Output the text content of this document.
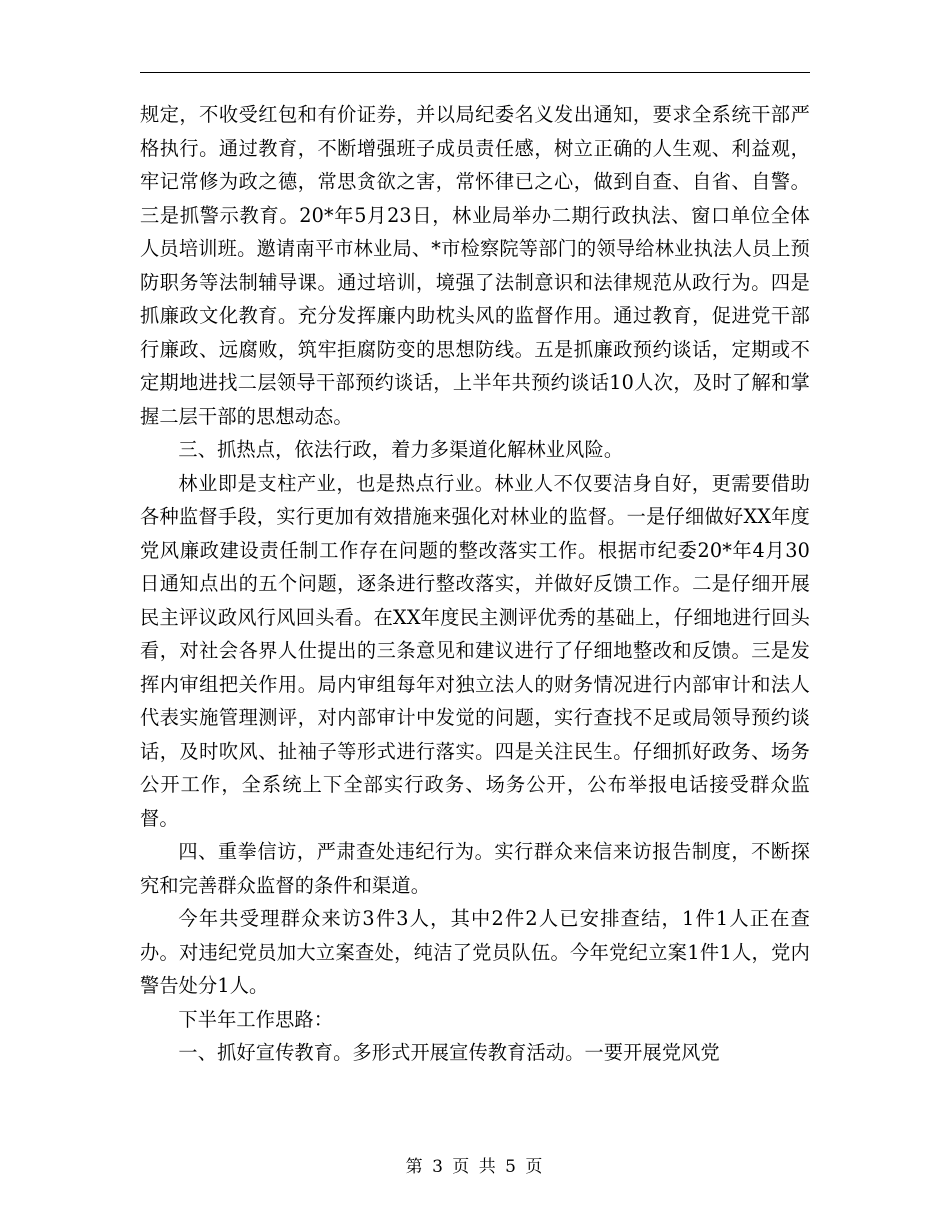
规定，不收受红包和有价证券，并以局纪委名义发出通知，要求全系统干部严格执行。通过教育，不断增强班子成员责任感，树立正确的人生观、利益观，牢记常修为政之德，常思贪欲之害，常怀律已之心，做到自查、自省、自警。三是抓警示教育。20*年5月23日，林业局举办二期行政执法、窗口单位全体人员培训班。邀请南平市林业局、*市检察院等部门的领导给林业执法人员上预防职务等法制辅导课。通过培训，境强了法制意识和法律规范从政行为。四是抓廉政文化教育。充分发挥廉内助枕头风的监督作用。通过教育，促进党干部行廉政、远腐败，筑牢拒腐防变的思想防线。五是抓廉政预约谈话，定期或不定期地进找二层领导干部预约谈话，上半年共预约谈话10人次，及时了解和掌握二层干部的思想动态。

三、抓热点，依法行政，着力多渠道化解林业风险。

林业即是支柱产业，也是热点行业。林业人不仅要洁身自好，更需要借助各种监督手段，实行更加有效措施来强化对林业的监督。一是仔细做好XX年度党风廉政建设责任制工作存在问题的整改落实工作。根据市纪委20*年4月30日通知点出的五个问题，逐条进行整改落实，并做好反馈工作。二是仔细开展民主评议政风行风回头看。在XX年度民主测评优秀的基础上，仔细地进行回头看，对社会各界人仕提出的三条意见和建议进行了仔细地整改和反馈。三是发挥内审组把关作用。局内审组每年对独立法人的财务情况进行内部审计和法人代表实施管理测评，对内部审计中发觉的问题，实行查找不足或局领导预约谈话，及时吹风、扯袖子等形式进行落实。四是关注民生。仔细抓好政务、场务公开工作，全系统上下全部实行政务、场务公开，公布举报电话接受群众监督。

四、重拳信访，严肃查处违纪行为。实行群众来信来访报告制度，不断探究和完善群众监督的条件和渠道。

今年共受理群众来访3件3人，其中2件2人已安排查结，1件1人正在查办。对违纪党员加大立案查处，纯洁了党员队伍。今年党纪立案1件1人，党内警告处分1人。

下半年工作思路：

一、抓好宣传教育。多形式开展宣传教育活动。一要开展党风党

第 3 页 共 5 页
